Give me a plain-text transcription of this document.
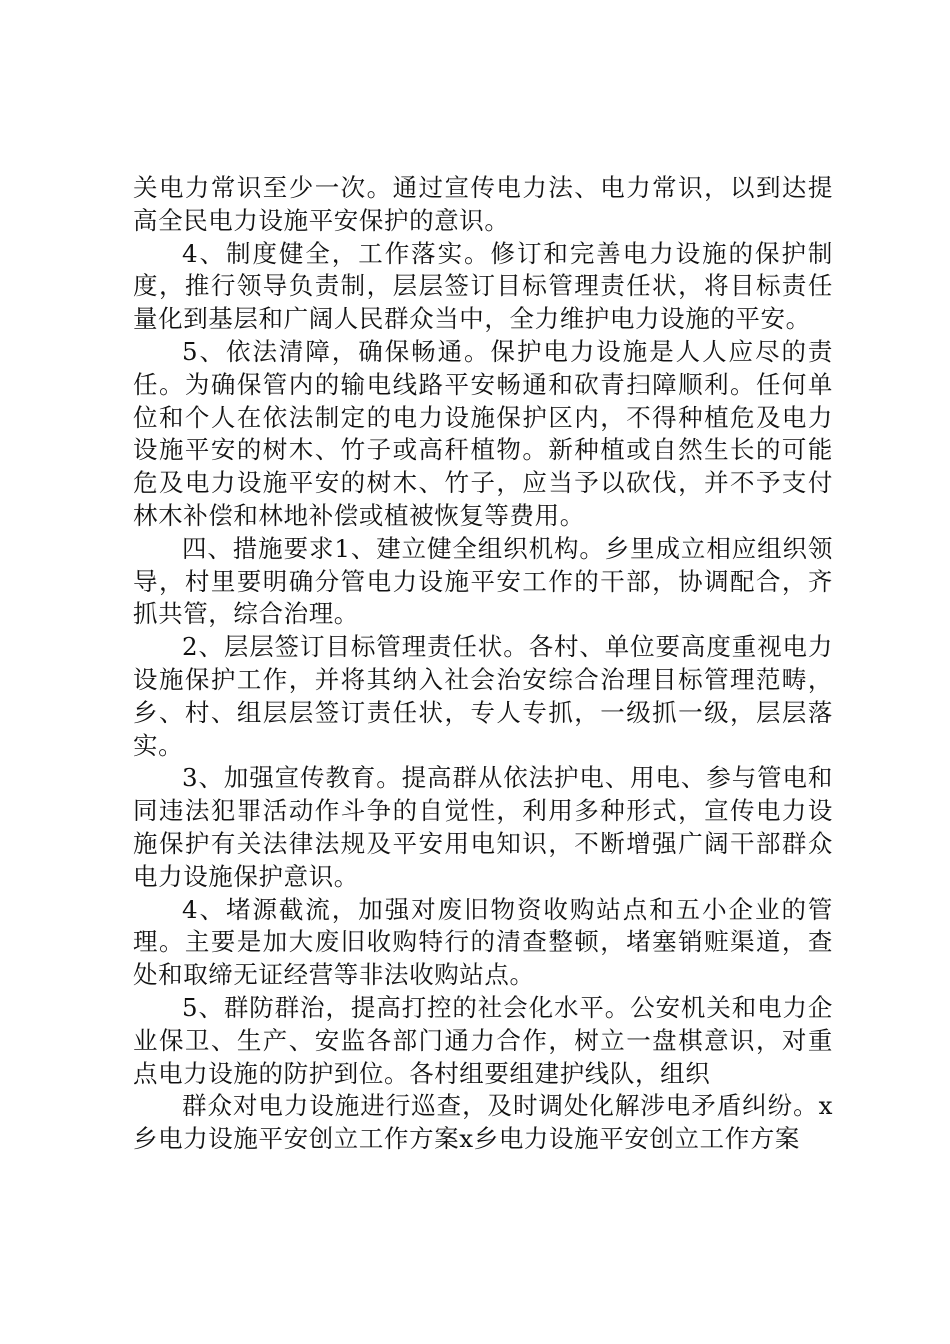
关电力常识至少一次。通过宣传电力法、电力常识，以到达提高全民电力设施平安保护的意识。

4、制度健全，工作落实。修订和完善电力设施的保护制度，推行领导负责制，层层签订目标管理责任状，将目标责任量化到基层和广阔人民群众当中，全力维护电力设施的平安。

5、依法清障，确保畅通。保护电力设施是人人应尽的责任。为确保管内的输电线路平安畅通和砍青扫障顺利。任何单位和个人在依法制定的电力设施保护区内，不得种植危及电力设施平安的树木、竹子或高秆植物。新种植或自然生长的可能危及电力设施平安的树木、竹子，应当予以砍伐，并不予支付林木补偿和林地补偿或植被恢复等费用。

四、措施要求1、建立健全组织机构。乡里成立相应组织领导，村里要明确分管电力设施平安工作的干部，协调配合，齐抓共管，综合治理。

2、层层签订目标管理责任状。各村、单位要高度重视电力设施保护工作，并将其纳入社会治安综合治理目标管理范畴，乡、村、组层层签订责任状，专人专抓，一级抓一级，层层落实。

3、加强宣传教育。提高群从依法护电、用电、参与管电和同违法犯罪活动作斗争的自觉性，利用多种形式，宣传电力设施保护有关法律法规及平安用电知识，不断增强广阔干部群众电力设施保护意识。

4、堵源截流，加强对废旧物资收购站点和五小企业的管理。主要是加大废旧收购特行的清查整顿，堵塞销赃渠道，查处和取缔无证经营等非法收购站点。

5、群防群治，提高打控的社会化水平。公安机关和电力企业保卫、生产、安监各部门通力合作，树立一盘棋意识，对重点电力设施的防护到位。各村组要组建护线队，组织

群众对电力设施进行巡查，及时调处化解涉电矛盾纠纷。x乡电力设施平安创立工作方案x乡电力设施平安创立工作方案
